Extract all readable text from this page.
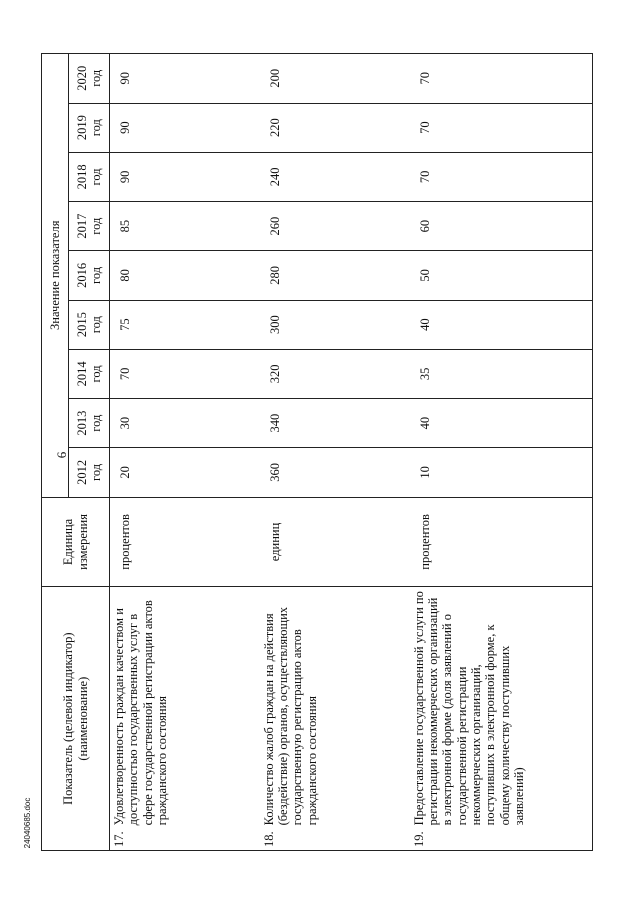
6
Показатель (целевой индикатор) (наименование)	Единица измерения	Значение показателя								
		2012 год	2013 год	2014 год	2015 год	2016 год	2017 год	2018 год	2019 год	2020 год

17.
Удовлетворенность граждан качеством и доступностью государственных услуг в сфере государственной регистрации актов гражданского состояния	процентов	20	30	70	75	80	85	90	90	90

18.
Количество жалоб граждан на действия (бездействие) органов, осуществляющих государственную регистрацию актов гражданского состояния	единиц	360	340	320	300	280	260	240	220	200

19.
Предоставление государственной услуги по регистрации некоммерческих организаций в электронной форме (доля заявлений о государственной регистрации некоммерческих организаций, поступивших в электронной форме, к общему количеству поступивших заявлений)	процентов	10	40	35	40	50	60	70	70	70
24040685.doc
